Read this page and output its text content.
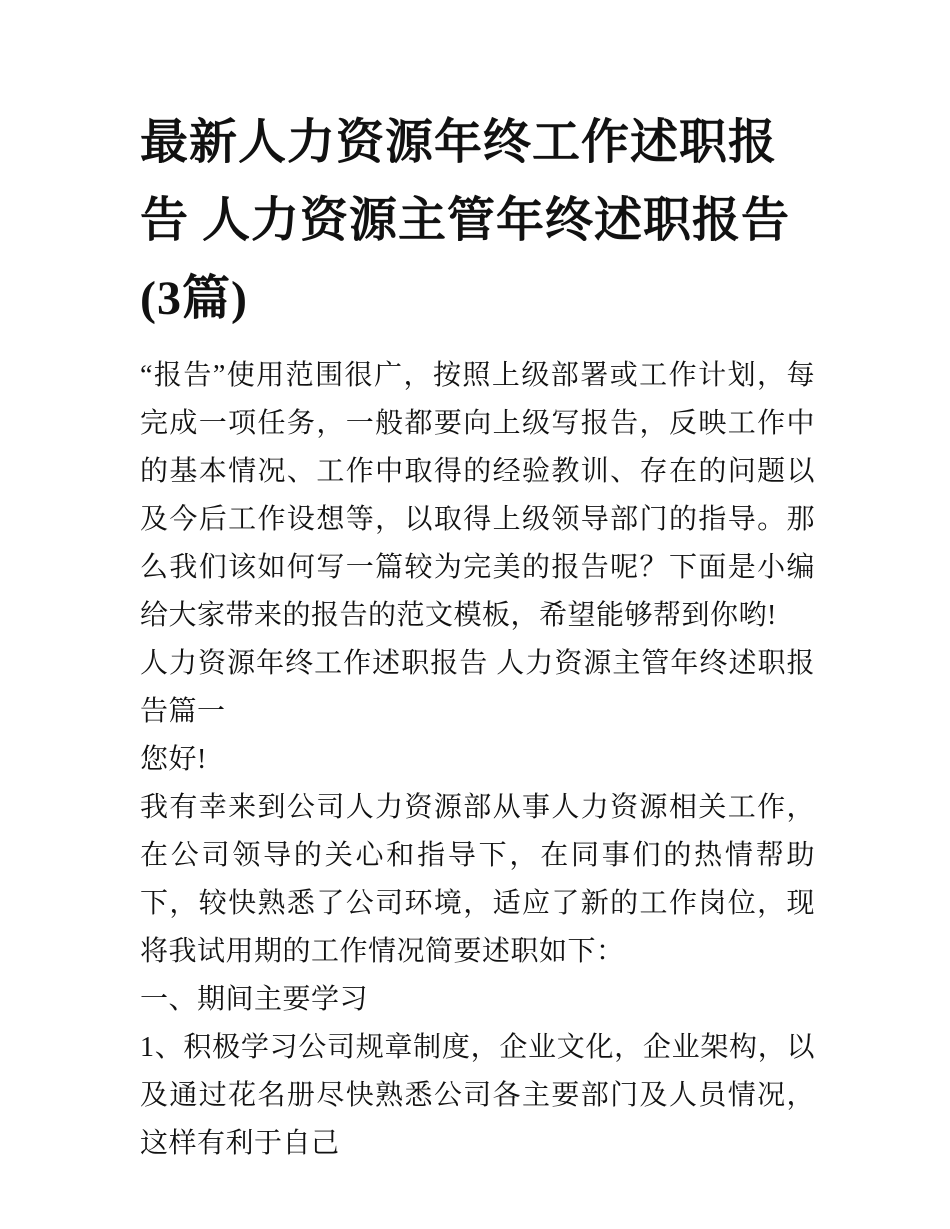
最新人力资源年终工作述职报告 人力资源主管年终述职报告(3篇)

“报告”使用范围很广，按照上级部署或工作计划，每完成一项任务，一般都要向上级写报告，反映工作中的基本情况、工作中取得的经验教训、存在的问题以及今后工作设想等，以取得上级领导部门的指导。那么我们该如何写一篇较为完美的报告呢？下面是小编给大家带来的报告的范文模板，希望能够帮到你哟!

人力资源年终工作述职报告 人力资源主管年终述职报告篇一

您好!

我有幸来到公司人力资源部从事人力资源相关工作，在公司领导的关心和指导下，在同事们的热情帮助下，较快熟悉了公司环境，适应了新的工作岗位，现将我试用期的工作情况简要述职如下：

一、期间主要学习

1、积极学习公司规章制度，企业文化，企业架构，以及通过花名册尽快熟悉公司各主要部门及人员情况，这样有利于自己
